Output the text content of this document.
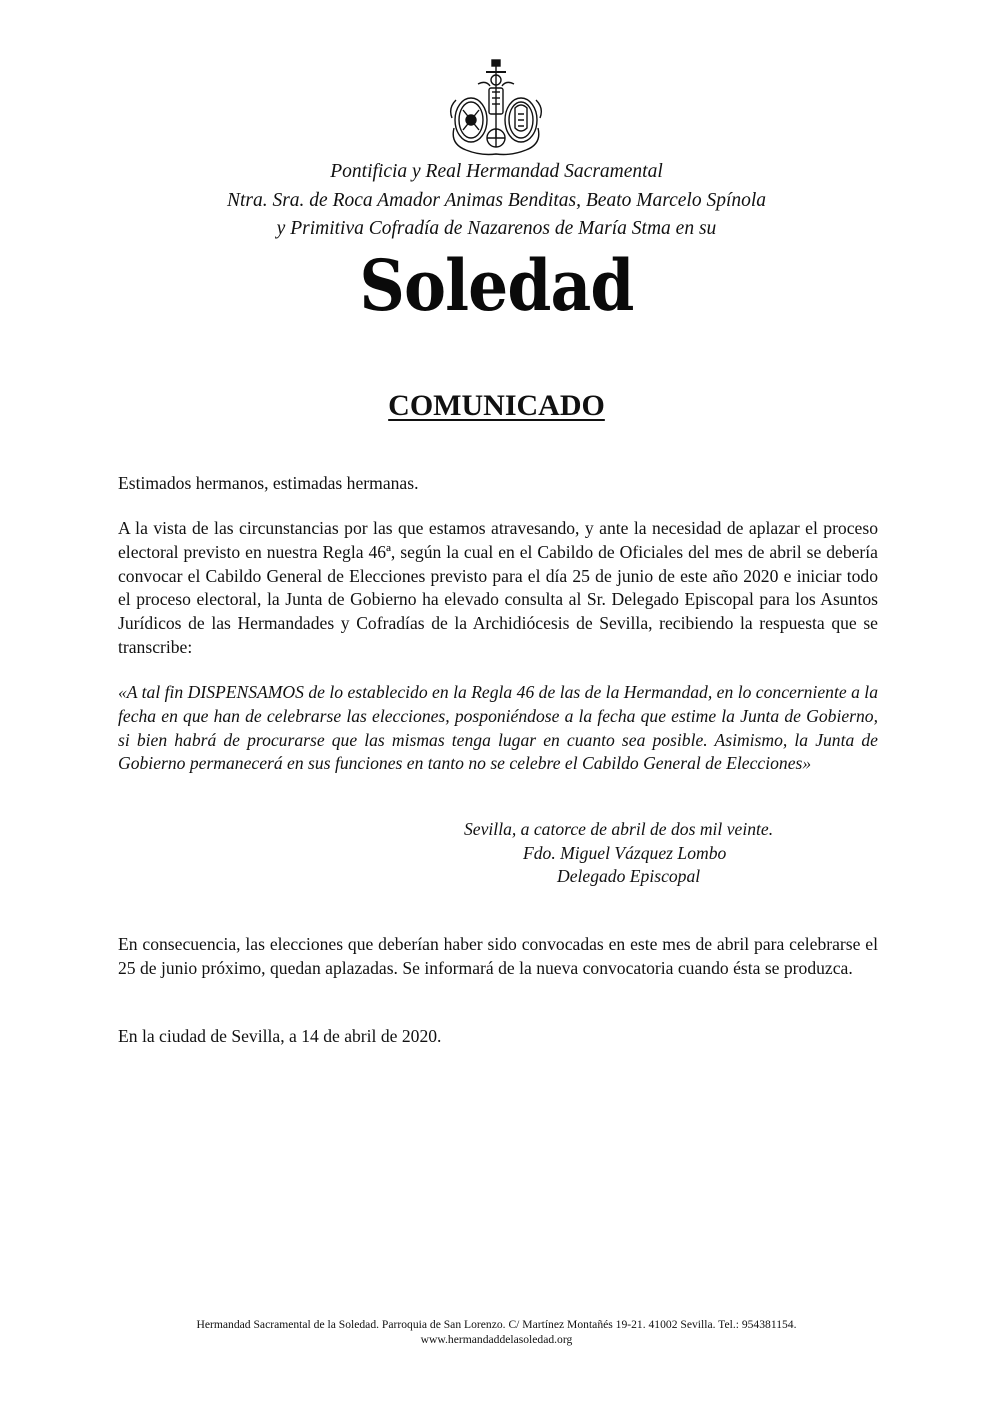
Pontificia y Real Hermandad Sacramental
Ntra. Sra. de Roca Amador Animas Benditas, Beato Marcelo Spínola
y Primitiva Cofradía de Nazarenos de María Stma en su
Soledad
COMUNICADO

Estimados hermanos, estimadas hermanas.

A la vista de las circunstancias por las que estamos atravesando, y ante la necesidad de aplazar el proceso electoral previsto en nuestra Regla 46ª, según la cual en el Cabildo de Oficiales del mes de abril se debería convocar el Cabildo General de Elecciones previsto para el día 25 de junio de este año 2020 e iniciar todo el proceso electoral, la Junta de Gobierno ha elevado consulta al Sr. Delegado Episcopal para los Asuntos Jurídicos de las Hermandades y Cofradías de la Archidiócesis de Sevilla, recibiendo la respuesta que se transcribe:

«A tal fin DISPENSAMOS de lo establecido en la Regla 46 de las de la Hermandad, en lo concerniente a la fecha en que han de celebrarse las elecciones, posponiéndose a la fecha que estime la Junta de Gobierno, si bien habrá de procurarse que las mismas tenga lugar en cuanto sea posible. Asimismo, la Junta de Gobierno permanecerá en sus funciones en tanto no se celebre el Cabildo General de Elecciones»

Sevilla, a catorce de abril de dos mil veinte.
Fdo. Miguel Vázquez Lombo
Delegado Episcopal

En consecuencia, las elecciones que deberían haber sido convocadas en este mes de abril para celebrarse el 25 de junio próximo, quedan aplazadas. Se informará de la nueva convocatoria cuando ésta se produzca.

En la ciudad de Sevilla, a 14 de abril de 2020.

Hermandad Sacramental de la Soledad. Parroquia de San Lorenzo. C/ Martínez Montañés 19-21. 41002 Sevilla. Tel.: 954381154.
www.hermandaddelasoledad.org
